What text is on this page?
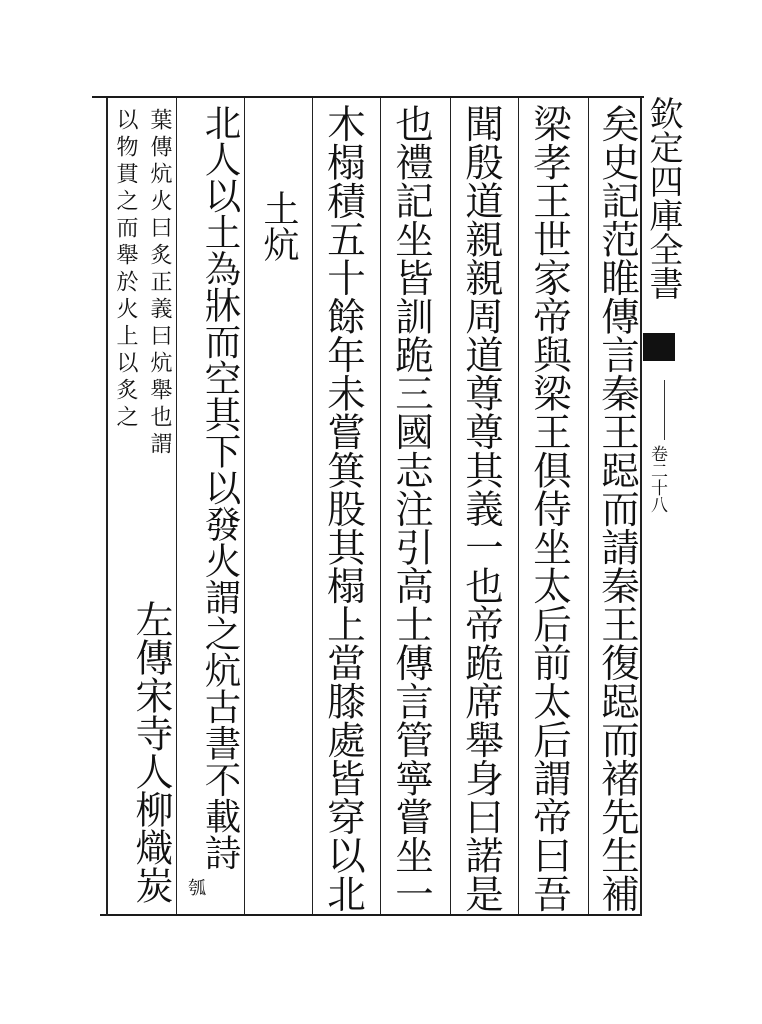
欽定四庫全書
卷二十八
矣史記范睢傳言秦王跽而請秦王復跽而褚先生補
梁孝王世家帝與梁王俱侍坐太后前太后謂帝曰吾
聞殷道親親周道尊尊其義一也帝跪席舉身曰諾是
也禮記坐皆訓跪三國志注引高士傳言管寧嘗坐一
木榻積五十餘年未嘗箕股其榻上當膝處皆穿以北
土炕
北人以土為牀而空其下以發火謂之炕古書不載詩
瓠
葉傳炕火曰炙正義曰炕舉也謂
左傳宋寺人柳熾炭
以物貫之而舉於火上以炙之
